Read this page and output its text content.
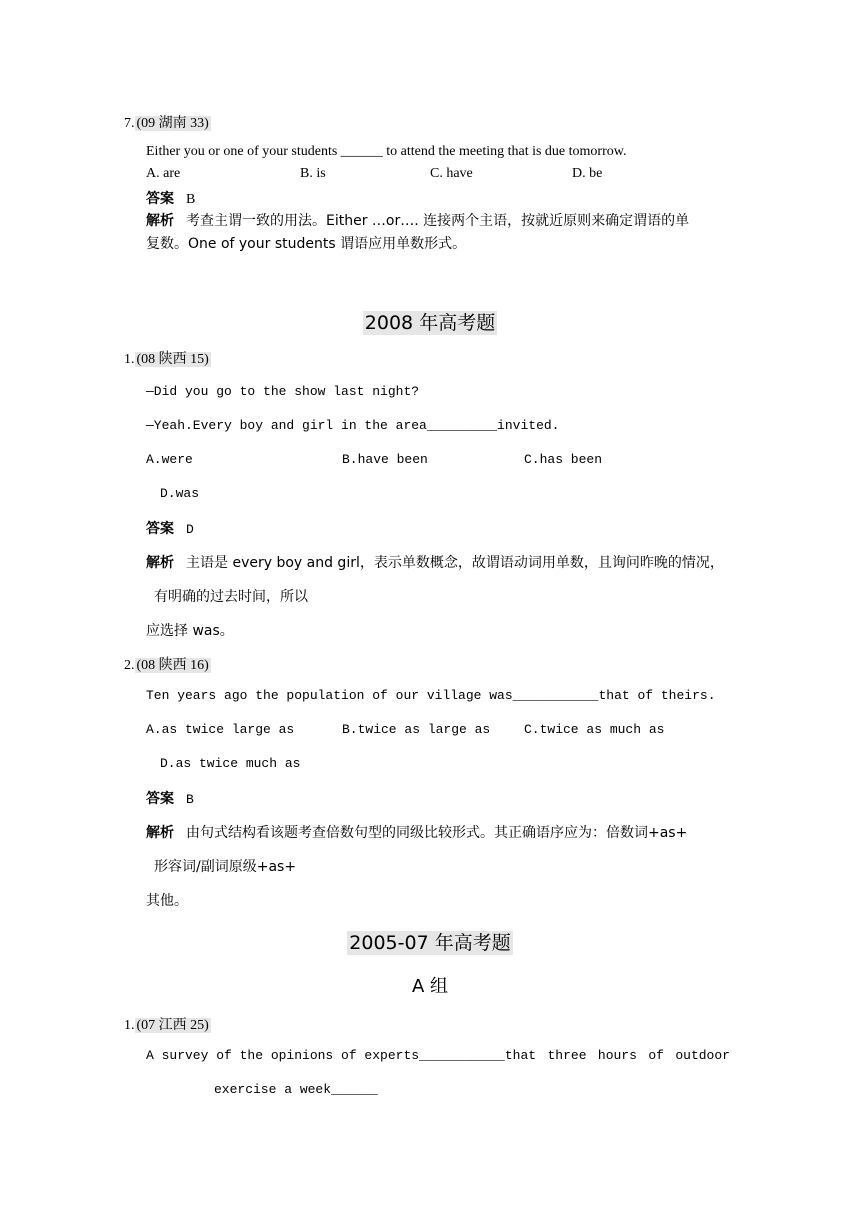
7. (09 湖南 33)
Either you or one of your students ______ to attend the meeting that is due tomorrow.
A. are	B. is	C. have	D. be
答案 B
解析 考查主谓一致的用法。Either …or…. 连接两个主语，按就近原则来确定谓语的单
复数。One of your students 谓语应用单数形式。
2008 年高考题
1. (08 陕西 15)
—Did you go to the show last night?
—Yeah.Every boy and girl in the area_________invited.
A.were	B.have been	C.has been
D.was
答案 D
解析 主语是 every boy and girl，表示单数概念，故谓语动词用单数，且询问昨晚的情况，
有明确的过去时间，所以
应选择 was。
2. (08 陕西 16)
Ten years ago the population of our village was___________that of theirs.
A.as twice large as	B.twice as large as	C.twice as much as
D.as twice much as
答案 B
解析 由句式结构看该题考查倍数句型的同级比较形式。其正确语序应为：倍数词+as+
形容词/副词原级+as+
其他。
2005-07 年高考题
A 组
1. (07 江西 25)
A survey of the opinions of experts___________that three hours of outdoor
exercise a week______
